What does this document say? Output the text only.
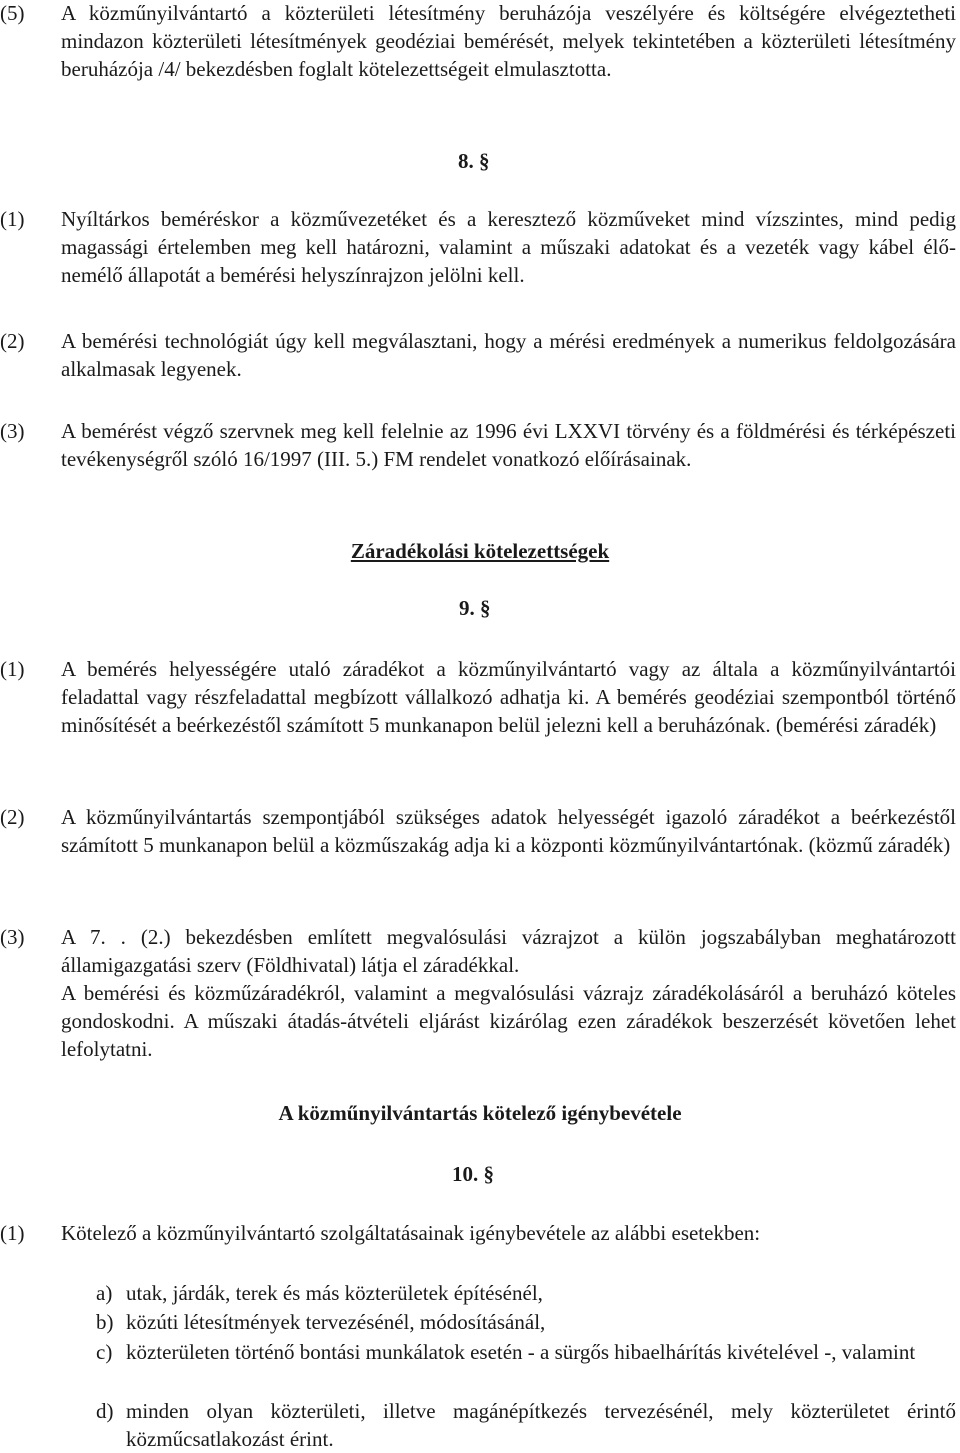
(5)	A közműnyilvántartó a közterületi létesítmény beruházója veszélyére és költségére elvégeztetheti mindazon közterületi létesítmények geodéziai bemérését, melyek tekintetében a közterületi létesítmény beruházója /4/ bekezdésben foglalt kötelezettségeit elmulasztotta.

8. §

(1)	Nyíltárkos beméréskor a közművezetéket és a keresztező közműveket mind vízszintes, mind pedig magassági értelemben meg kell határozni, valamint a műszaki adatokat és a vezeték vagy kábel élő-nemélő állapotát a bemérési helyszínrajzon jelölni kell.

(2)	A bemérési technológiát úgy kell megválasztani, hogy a mérési eredmények a numerikus feldolgozására alkalmasak legyenek.

(3)	A bemérést végző szervnek meg kell felelnie az 1996 évi LXXVI törvény és a földmérési és térképészeti tevékenységről szóló 16/1997 (III. 5.) FM rendelet vonatkozó előírásainak.

Záradékolási kötelezettségek

9. §

(1)	A bemérés helyességére utaló záradékot a közműnyilvántartó vagy az általa a közműnyilvántartói feladattal vagy részfeladattal megbízott vállalkozó adhatja ki. A bemérés geodéziai szempontból történő minősítését a beérkezéstől számított 5 munkanapon belül jelezni kell a beruházónak. (bemérési záradék)

(2)	A közműnyilvántartás szempontjából szükséges adatok helyességét igazoló záradékot a beérkezéstől számított 5 munkanapon belül a közműszakág adja ki a központi közműnyilvántartónak. (közmű záradék)

(3)	A 7. . (2.) bekezdésben említett megvalósulási vázrajzot a külön jogszabályban meghatározott államigazgatási szerv (Földhivatal) látja el záradékkal.
A bemérési és közműzáradékról, valamint a megvalósulási vázrajz záradékolásáról a beruházó köteles gondoskodni. A műszaki átadás-átvételi eljárást kizárólag ezen záradékok beszerzését követően lehet lefolytatni.

A közműnyilvántartás kötelező igénybevétele

10. §

(1)	Kötelező a közműnyilvántartó szolgáltatásainak igénybevétele az alábbi esetekben:

a) utak, járdák, terek és más közterületek építésénél,

b) közúti létesítmények tervezésénél, módosításánál,

c) közterületen történő bontási munkálatok esetén - a sürgős hibaelhárítás kivételével -, valamint

d) minden olyan közterületi, illetve magánépítkezés tervezésénél, mely közterületet érintő közműcsatlakozást érint.
